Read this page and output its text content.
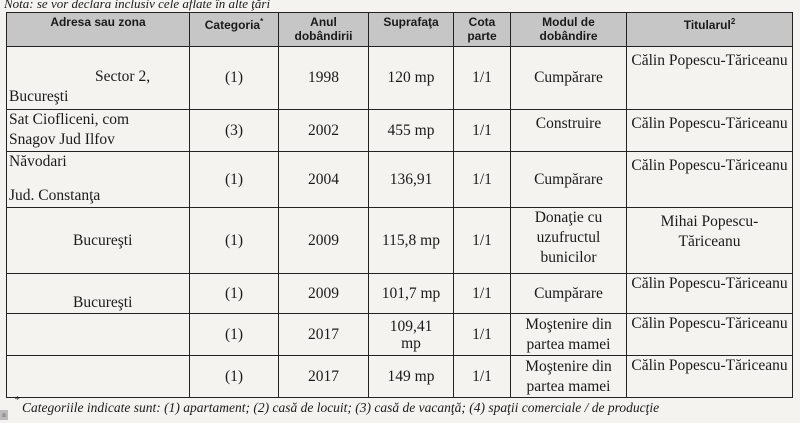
Nota: se vor declara inclusiv cele aflate în alte ţări
Adresa sau zona	Categoria*	Anul dobândirii	Suprafaţa	Cota parte	Modul de dobândire	Titularul$^2$

Sector 2,
Bucureşti	(1)	1998	120 mp	1/1	Cumpărare	Călin Popescu-Tăriceanu

Sat Ciofliceni, com
Snagov Jud Ilfov	(3)	2002	455 mp	1/1	Construire	Călin Popescu-Tăriceanu

Năvodari
Jud. Constanţa	(1)	2004	136,91	1/1	Cumpărare	Călin Popescu-Tăriceanu

Bucureşti	(1)	2009	115,8 mp	1/1	Donaţie cu uzufructul bunicilor	Mihai Popescu-Tăriceanu

Bucureşti	(1)	2009	101,7 mp	1/1	Cumpărare	Călin Popescu-Tăriceanu
	(1)	2017	109,41 mp	1/1	Moştenire din partea mamei	Călin Popescu-Tăriceanu
	(1)	2017	149 mp	1/1	Moştenire din partea mamei	Călin Popescu-Tăriceanu
* Categoriile indicate sunt: (1) apartament; (2) casă de locuit; (3) casă de vacanţă; (4) spaţii comerciale / de producţie
n
